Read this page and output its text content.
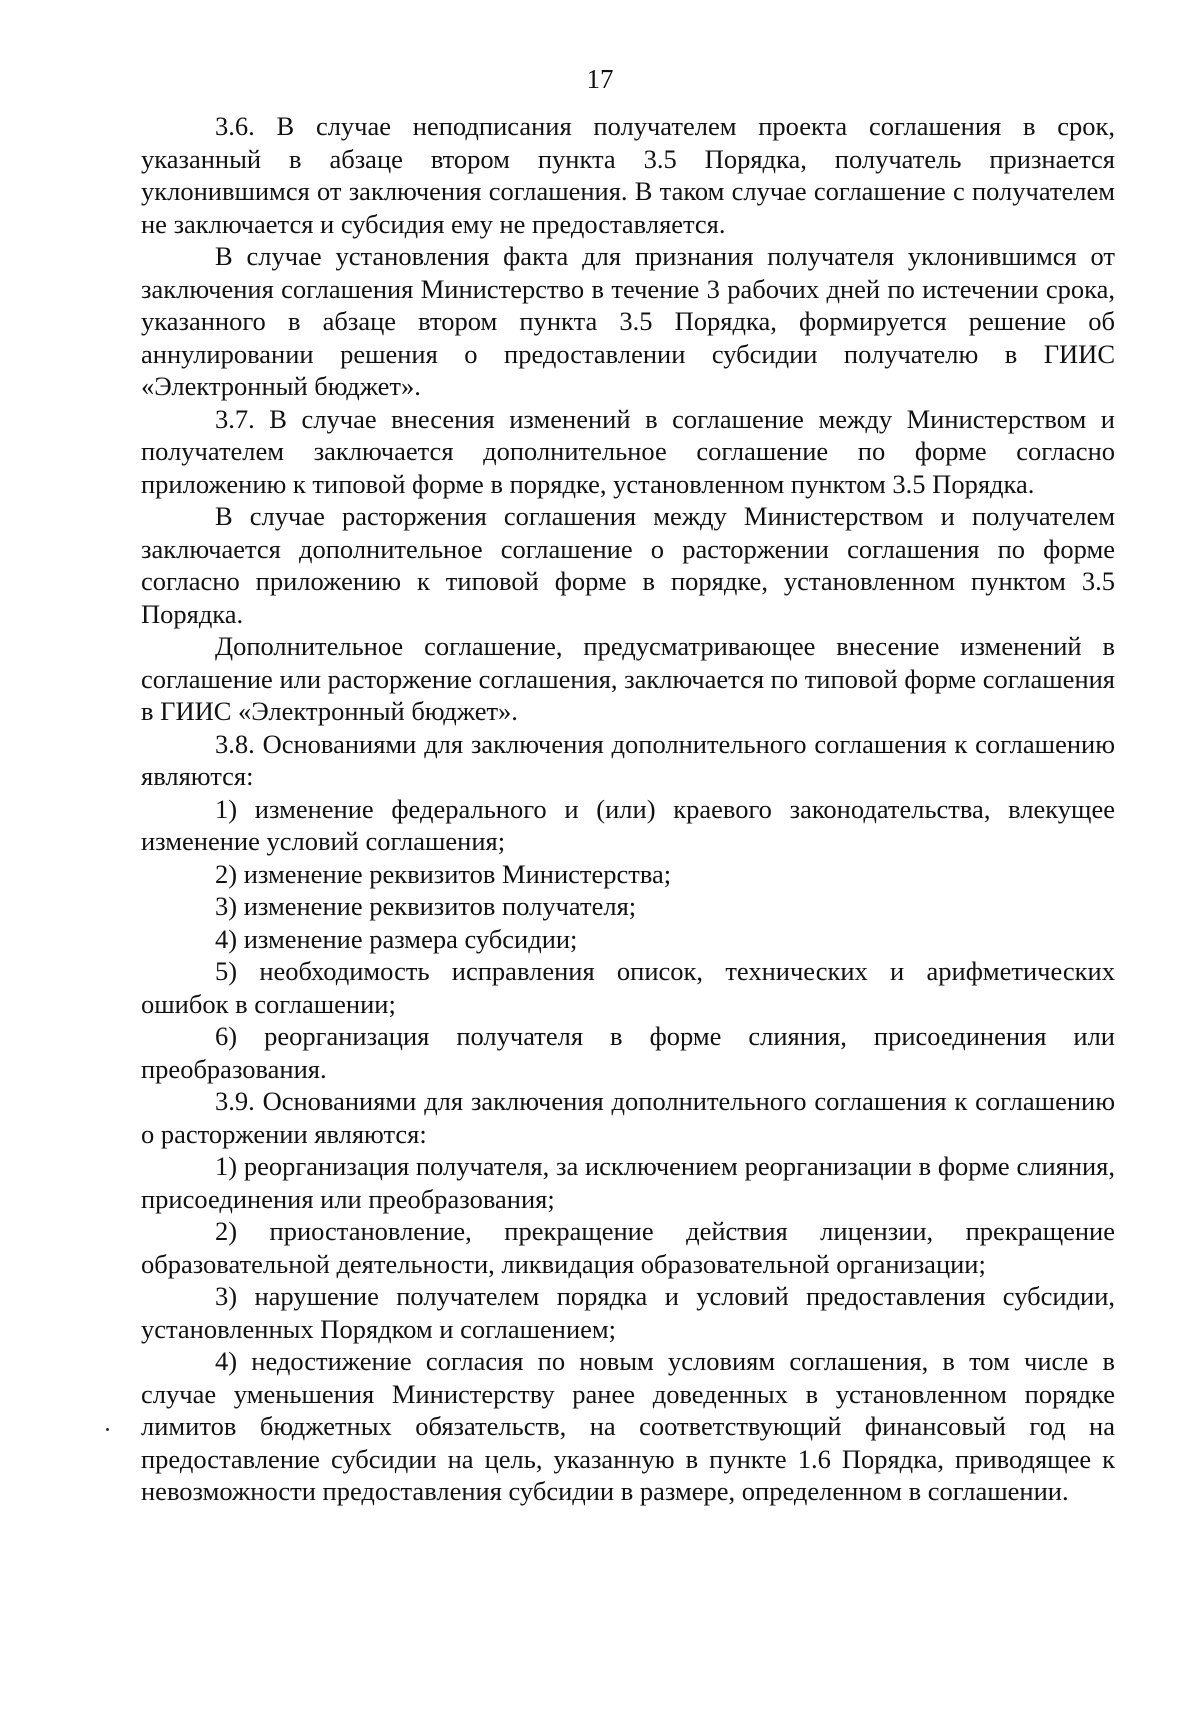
17

3.6. В случае неподписания получателем проекта соглашения в срок, указанный в абзаце втором пункта 3.5 Порядка, получатель признается уклонившимся от заключения соглашения. В таком случае соглашение с получателем не заключается и субсидия ему не предоставляется.

В случае установления факта для признания получателя уклонившимся от заключения соглашения Министерство в течение 3 рабочих дней по истечении срока, указанного в абзаце втором пункта 3.5 Порядка, формируется решение об аннулировании решения о предоставлении субсидии получателю в ГИИС «Электронный бюджет».

3.7. В случае внесения изменений в соглашение между Министерством и получателем заключается дополнительное соглашение по форме согласно приложению к типовой форме в порядке, установленном пунктом 3.5 Порядка.

В случае расторжения соглашения между Министерством и получателем заключается дополнительное соглашение о расторжении соглашения по форме согласно приложению к типовой форме в порядке, установленном пунктом 3.5 Порядка.

Дополнительное соглашение, предусматривающее внесение изменений в соглашение или расторжение соглашения, заключается по типовой форме соглашения в ГИИС «Электронный бюджет».

3.8. Основаниями для заключения дополнительного соглашения к соглашению являются:

1) изменение федерального и (или) краевого законодательства, влекущее изменение условий соглашения;

2) изменение реквизитов Министерства;

3) изменение реквизитов получателя;

4) изменение размера субсидии;

5) необходимость исправления описок, технических и арифметических ошибок в соглашении;

6) реорганизация получателя в форме слияния, присоединения или преобразования.

3.9. Основаниями для заключения дополнительного соглашения к соглашению о расторжении являются:

1) реорганизация получателя, за исключением реорганизации в форме слияния, присоединения или преобразования;

2) приостановление, прекращение действия лицензии, прекращение образовательной деятельности, ликвидация образовательной организации;

3) нарушение получателем порядка и условий предоставления субсидии, установленных Порядком и соглашением;

4) недостижение согласия по новым условиям соглашения, в том числе в случае уменьшения Министерству ранее доведенных в установленном порядке лимитов бюджетных обязательств, на соответствующий финансовый год на предоставление субсидии на цель, указанную в пункте 1.6 Порядка, приводящее к невозможности предоставления субсидии в размере, определенном в соглашении.
